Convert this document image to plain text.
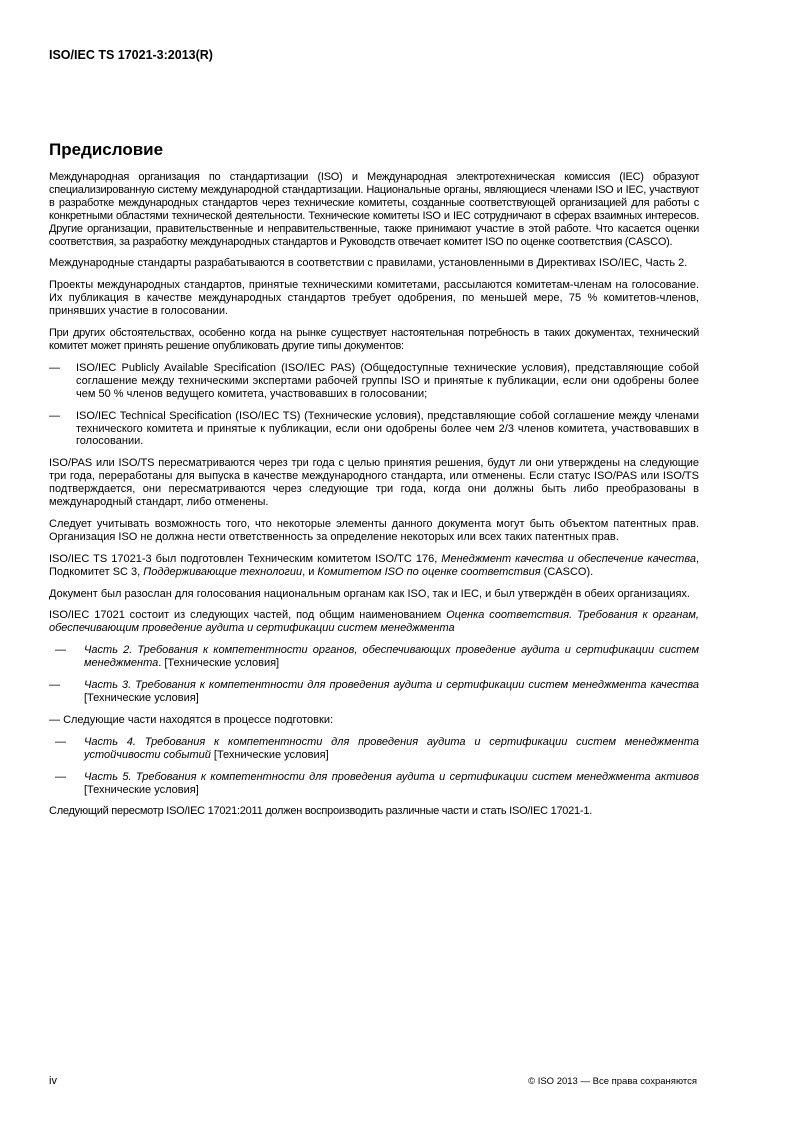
ISO/IEC TS 17021-3:2013(R)
Предисловие

Международная организация по стандартизации (ISO) и Международная электротехническая комиссия (IEC) образуют специализированную систему международной стандартизации. Национальные органы, являющиеся членами ISO и IEC, участвуют в разработке международных стандартов через технические комитеты, созданные соответствующей организацией для работы с конкретными областями технической деятельности. Технические комитеты ISO и IEC сотрудничают в сферах взаимных интересов. Другие организации, правительственные и неправительственные, также принимают участие в этой работе. Что касается оценки соответствия, за разработку международных стандартов и Руководств отвечает комитет ISO по оценке соответствия (CASCO).

Международные стандарты разрабатываются в соответствии с правилами, установленными в Директивах ISO/IEC, Часть 2.

Проекты международных стандартов, принятые техническими комитетами, рассылаются комитетам-членам на голосование. Их публикация в качестве международных стандартов требует одобрения, по меньшей мере, 75 % комитетов-членов, принявших участие в голосовании.

При других обстоятельствах, особенно когда на рынке существует настоятельная потребность в таких документах, технический комитет может принять решение опубликовать другие типы документов:

— ISO/IEC Publicly Available Specification (ISO/IEC PAS) (Общедоступные технические условия), представляющие собой соглашение между техническими экспертами рабочей группы ISO и принятые к публикации, если они одобрены более чем 50 % членов ведущего комитета, участвовавших в голосовании;
— ISO/IEC Technical Specification (ISO/IEC TS) (Технические условия), представляющие собой соглашение между членами технического комитета и принятые к публикации, если они одобрены более чем 2/3 членов комитета, участвовавших в голосовании.

ISO/PAS или ISO/TS пересматриваются через три года с целью принятия решения, будут ли они утверждены на следующие три года, переработаны для выпуска в качестве международного стандарта, или отменены. Если статус ISO/PAS или ISO/TS подтверждается, они пересматриваются через следующие три года, когда они должны быть либо преобразованы в международный стандарт, либо отменены.

Следует учитывать возможность того, что некоторые элементы данного документа могут быть объектом патентных прав. Организация ISO не должна нести ответственность за определение некоторых или всех таких патентных прав.

ISO/IEC TS 17021-3 был подготовлен Техническим комитетом ISO/TC 176, Менеджмент качества и обеспечение качества, Подкомитет SC 3, Поддерживающие технологии, и Комитетом ISO по оценке соответствия (CASCO).

Документ был разослан для голосования национальным органам как ISO, так и IEC, и был утверждён в обеих организациях.

ISO/IEC 17021 состоит из следующих частей, под общим наименованием Оценка соответствия. Требования к органам, обеспечивающим проведение аудита и сертификации систем менеджмента

— Часть 2. Требования к компетентности органов, обеспечивающих проведение аудита и сертификации систем менеджмента. [Технические условия]
— Часть 3. Требования к компетентности для проведения аудита и сертификации систем менеджмента качества [Технические условия]

— Следующие части находятся в процессе подготовки:

— Часть 4. Требования к компетентности для проведения аудита и сертификации систем менеджмента устойчивости событий [Технические условия]
— Часть 5. Требования к компетентности для проведения аудита и сертификации систем менеджмента активов [Технические условия]

Следующий пересмотр ISO/IEC 17021:2011 должен воспроизводить различные части и стать ISO/IEC 17021-1.

iv	© ISO 2013 — Все права сохраняются
